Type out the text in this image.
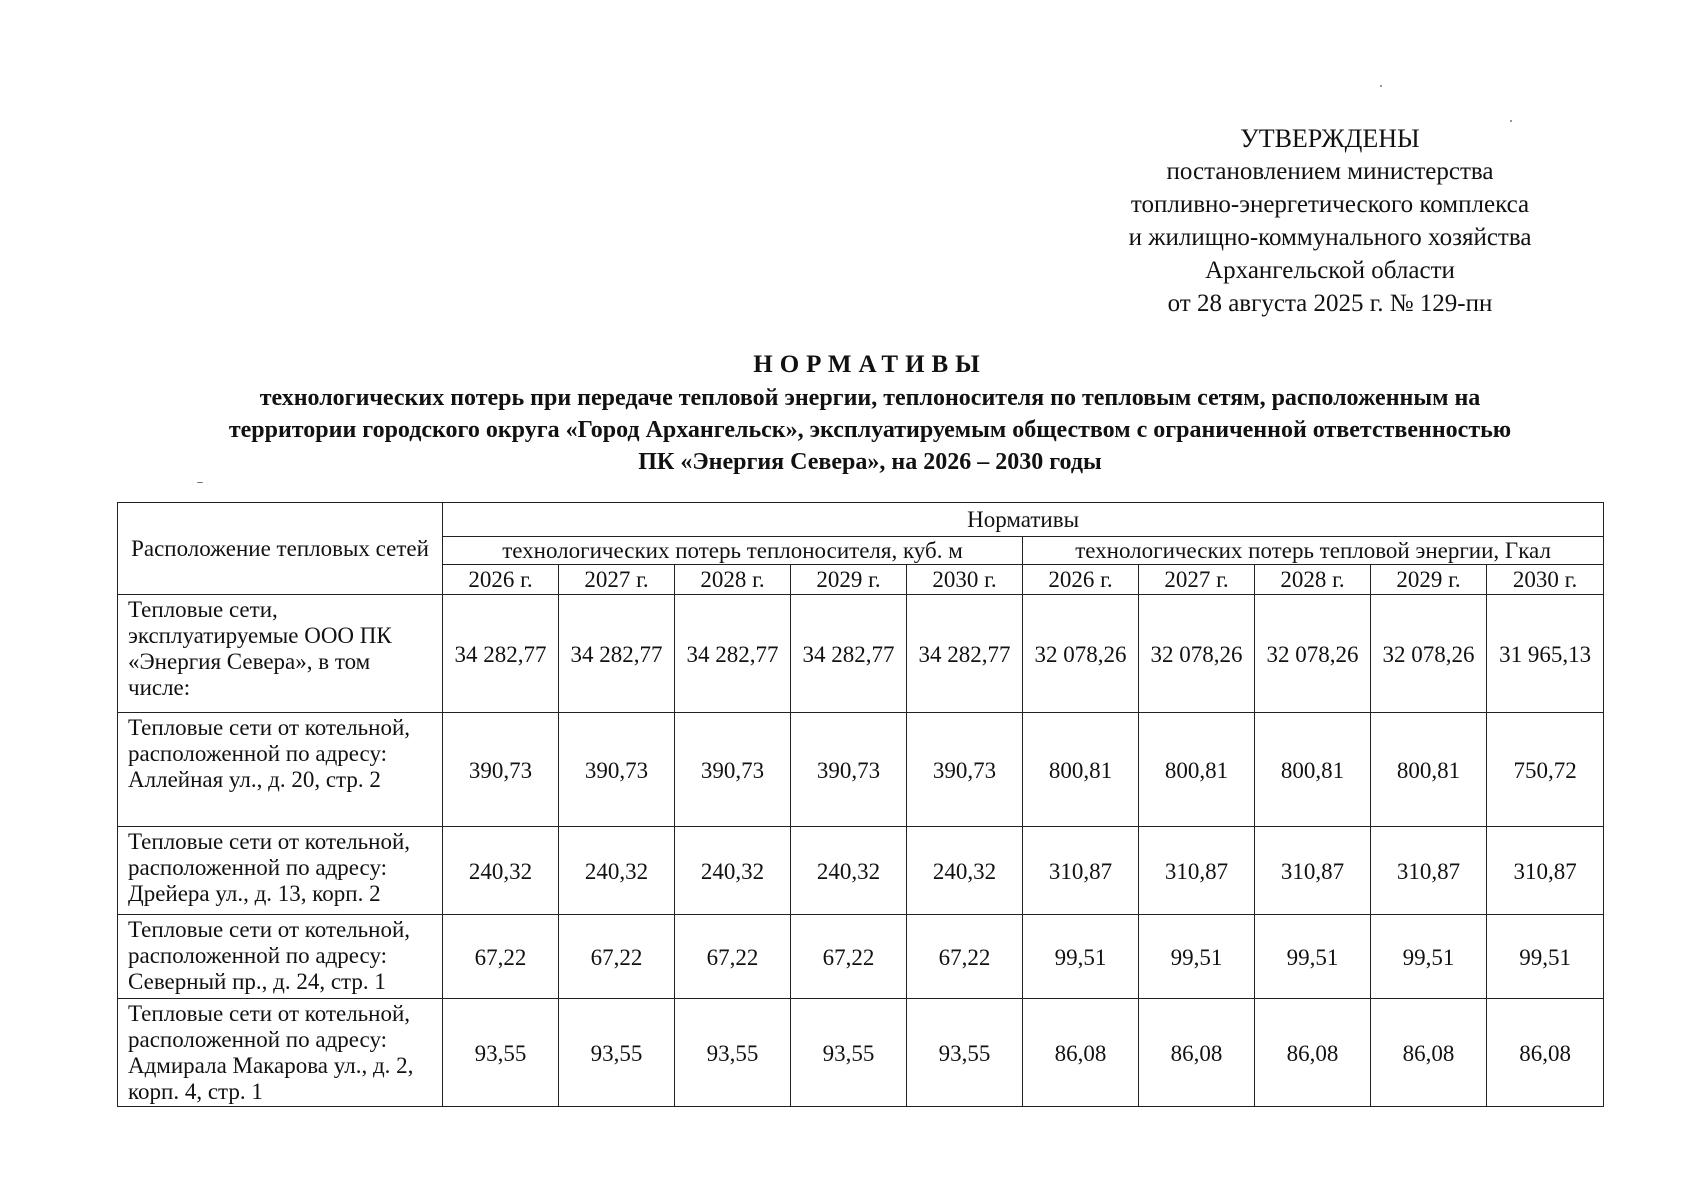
УТВЕРЖДЕНЫ
постановлением министерства
топливно-энергетического комплекса
и жилищно-коммунального хозяйства
Архангельской области
от 28 августа 2025 г. № 129-пн
НОРМАТИВЫ
технологических потерь при передаче тепловой энергии, теплоносителя по тепловым сетям, расположенным на территории городского округа «Город Архангельск», эксплуатируемым обществом с ограниченной ответственностью ПК «Энергия Севера», на 2026 – 2030 годы
Расположение тепловых сетей	Нормативы									
	технологических потерь теплоносителя, куб. м					технологических потерь тепловой энергии, Гкал				
	2026 г.	2027 г.	2028 г.	2029 г.	2030 г.	2026 г.	2027 г.	2028 г.	2029 г.	2030 г.
Тепловые сети, эксплуатируемые ООО ПК «Энергия Севера», в том числе:	34 282,77	34 282,77	34 282,77	34 282,77	34 282,77	32 078,26	32 078,26	32 078,26	32 078,26	31 965,13
Тепловые сети от котельной, расположенной по адресу: Аллейная ул., д. 20, стр. 2	390,73	390,73	390,73	390,73	390,73	800,81	800,81	800,81	800,81	750,72
Тепловые сети от котельной, расположенной по адресу: Дрейера ул., д. 13, корп. 2	240,32	240,32	240,32	240,32	240,32	310,87	310,87	310,87	310,87	310,87
Тепловые сети от котельной, расположенной по адресу: Северный пр., д. 24, стр. 1	67,22	67,22	67,22	67,22	67,22	99,51	99,51	99,51	99,51	99,51
Тепловые сети от котельной, расположенной по адресу: Адмирала Макарова ул., д. 2, корп. 4, стр. 1	93,55	93,55	93,55	93,55	93,55	86,08	86,08	86,08	86,08	86,08
